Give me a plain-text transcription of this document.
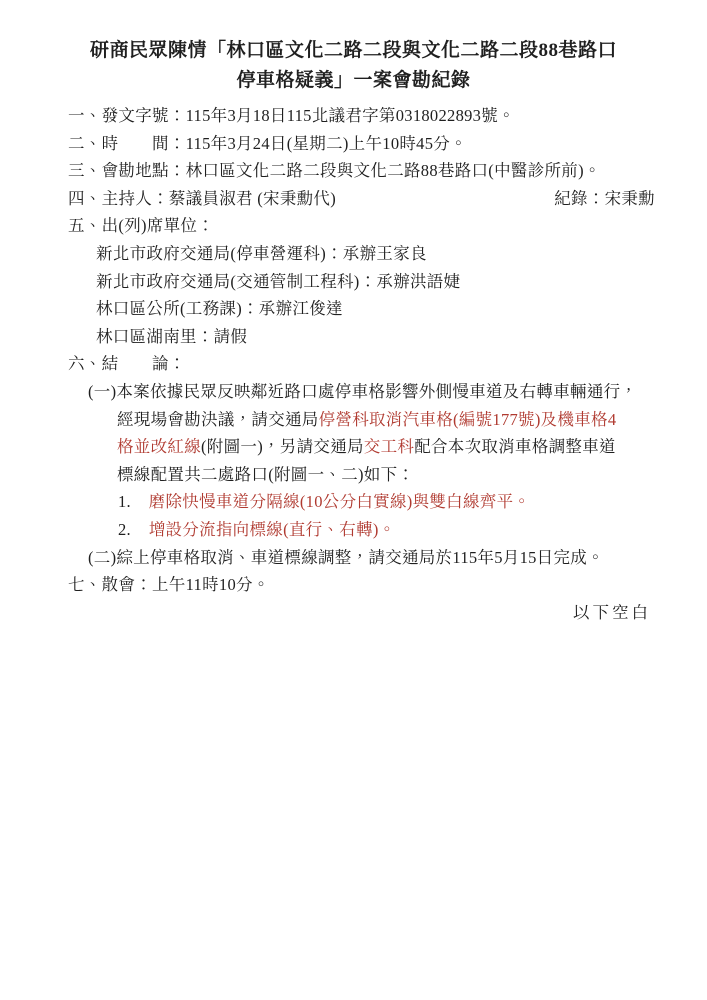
研商民眾陳情「林口區文化二路二段與文化二路二段88巷路口
停車格疑義」一案會勘紀錄
一、發文字號：115年3月18日115北議君字第0318022893號。
二、時　　間：115年3月24日(星期二)上午10時45分。
三、會勘地點：林口區文化二路二段與文化二路88巷路口(中醫診所前)。
四、主持人：蔡議員淑君 (宋秉勳代)	紀錄：宋秉勳
五、出(列)席單位：
新北市政府交通局(停車營運科)：承辦王家良
新北市政府交通局(交通管制工程科)：承辦洪語婕
林口區公所(工務課)：承辦江俊達
林口區湖南里：請假
六、結　　論：
(一)本案依據民眾反映鄰近路口處停車格影響外側慢車道及右轉車輛通行，
經現場會勘決議，請交通局停營科取消汽車格(編號177號)及機車格4
格並改紅線(附圖一)，另請交通局交工科配合本次取消車格調整車道
標線配置共二處路口(附圖一、二)如下：
1.    磨除快慢車道分隔線(10公分白實線)與雙白線齊平。
2.    增設分流指向標線(直行、右轉)。
(二)綜上停車格取消、車道標線調整，請交通局於115年5月15日完成。
七、散會：上午11時10分。
以下空白
